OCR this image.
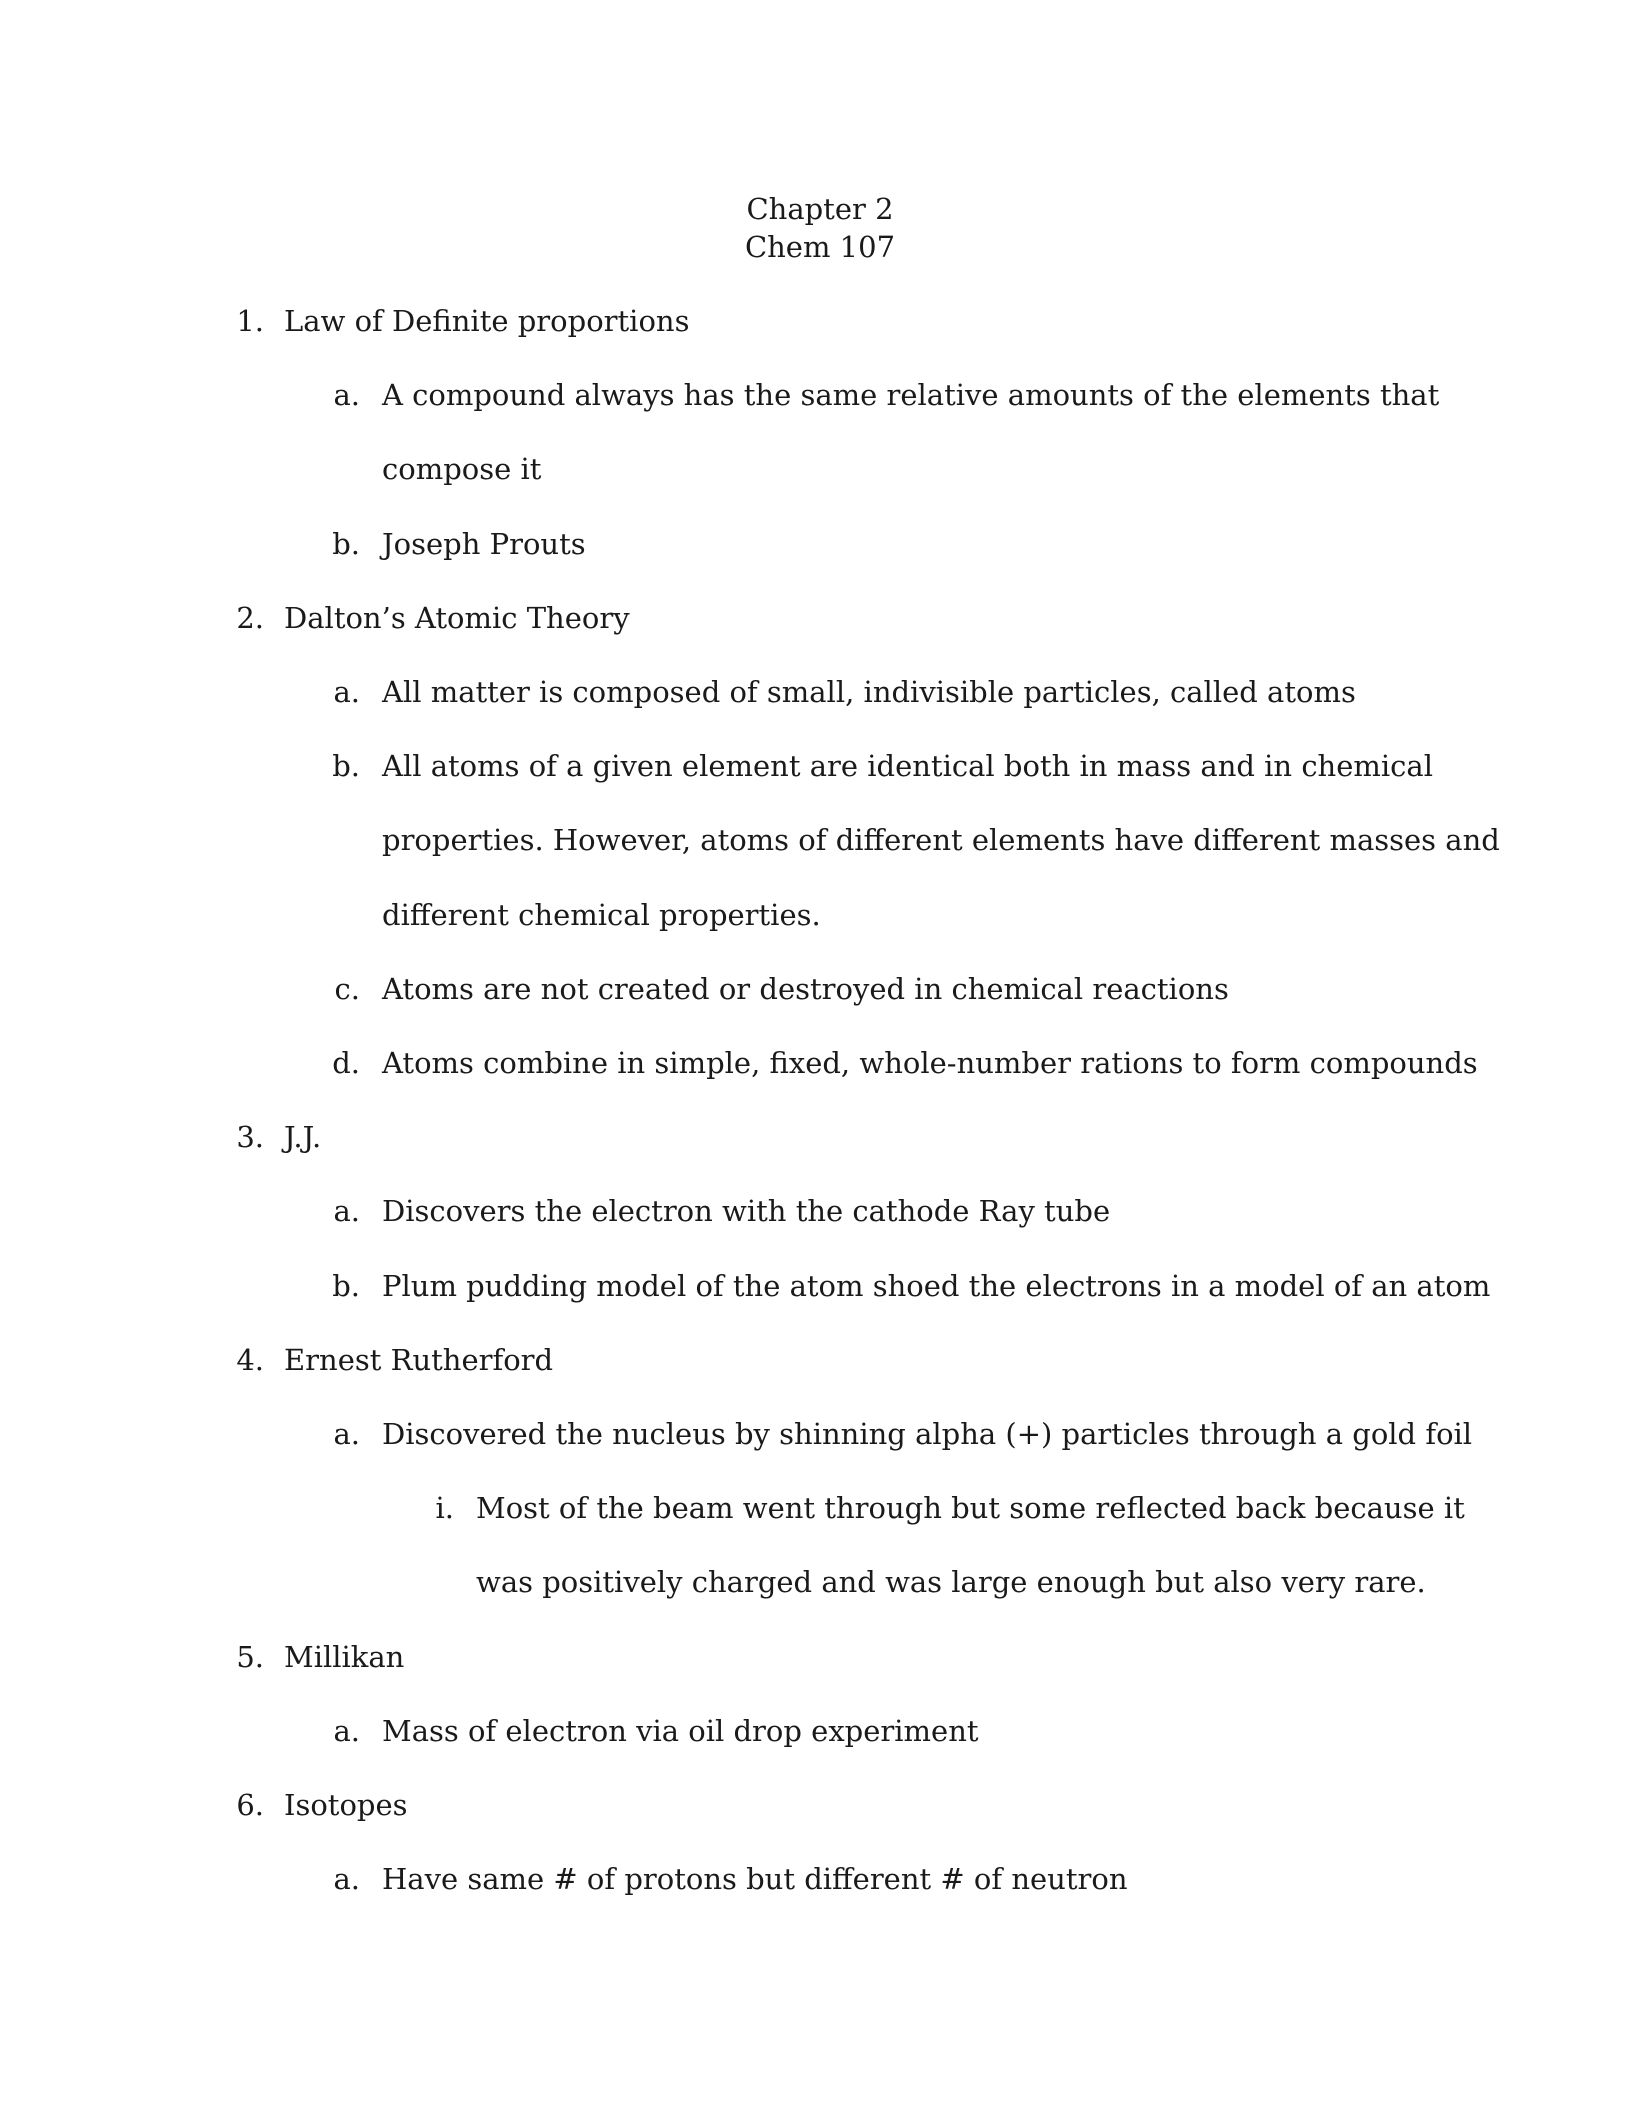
Chapter 2
Chem 107
1. Law of Definite proportions
a. A compound always has the same relative amounts of the elements that
compose it
b. Joseph Prouts
2. Dalton’s Atomic Theory
a. All matter is composed of small, indivisible particles, called atoms
b. All atoms of a given element are identical both in mass and in chemical
properties. However, atoms of different elements have different masses and
different chemical properties.
c. Atoms are not created or destroyed in chemical reactions
d. Atoms combine in simple, fixed, whole-number rations to form compounds
3. J.J.
a. Discovers the electron with the cathode Ray tube
b. Plum pudding model of the atom shoed the electrons in a model of an atom
4. Ernest Rutherford
a. Discovered the nucleus by shinning alpha (+) particles through a gold foil
i. Most of the beam went through but some reflected back because it
was positively charged and was large enough but also very rare.
5. Millikan
a. Mass of electron via oil drop experiment
6. Isotopes
a. Have same # of protons but different # of neutron
